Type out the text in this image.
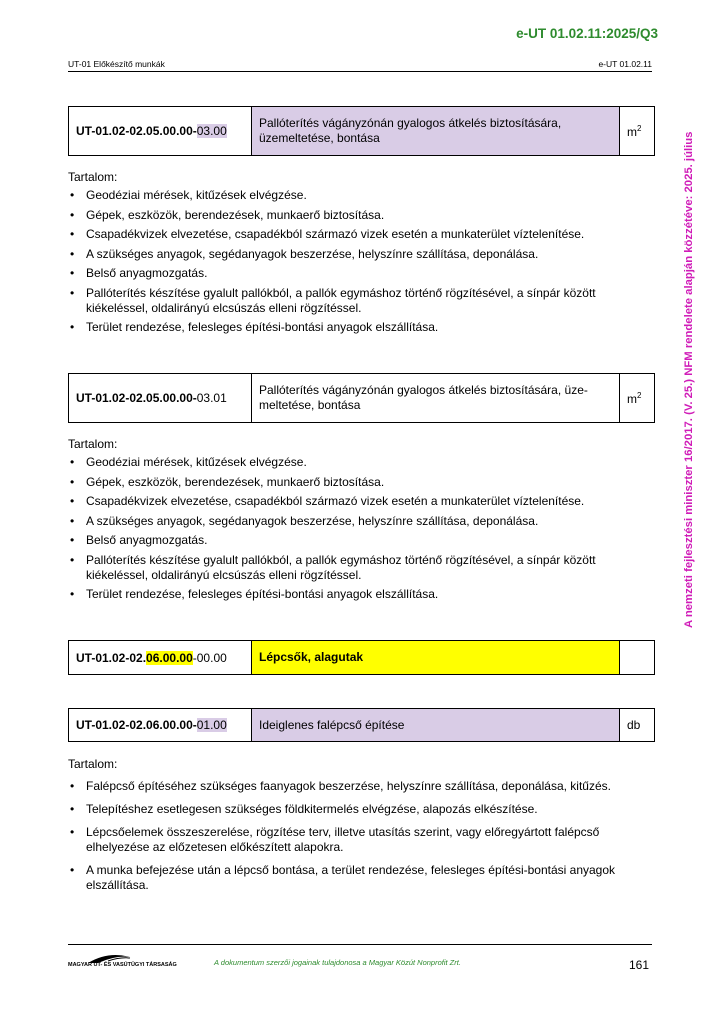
e-UT 01.02.11:2025/Q3
UT-01 Előkészítő munkák	e-UT 01.02.11
A nemzeti fejlesztési miniszter 16/2017. (V. 25.) NFM rendelete alapján közzétéve: 2025. július
UT-01.02-02.05.00.00-03.00	Pallóterítés vágányzónán gyalogos átkelés biztosítására, üzemeltetése, bontása	$m^2$
Tartalom:
• Geodéziai mérések, kitűzések elvégzése.
• Gépek, eszközök, berendezések, munkaerő biztosítása.
• Csapadékvizek elvezetése, csapadékból származó vizek esetén a munkaterület víztelenítése.
• A szükséges anyagok, segédanyagok beszerzése, helyszínre szállítása, deponálása.
• Belső anyagmozgatás.
• Pallóterítés készítése gyalult pallókból, a pallók egymáshoz történő rögzítésével, a sínpár között kiékeléssel, oldalirányú elcsúszás elleni rögzítéssel.
• Terület rendezése, felesleges építési-bontási anyagok elszállítása.
UT-01.02-02.05.00.00-03.01	Pallóterítés vágányzónán gyalogos átkelés biztosítására, üze-meltetése, bontása	$m^2$
Tartalom:
• Geodéziai mérések, kitűzések elvégzése.
• Gépek, eszközök, berendezések, munkaerő biztosítása.
• Csapadékvizek elvezetése, csapadékból származó vizek esetén a munkaterület víztelenítése.
• A szükséges anyagok, segédanyagok beszerzése, helyszínre szállítása, deponálása.
• Belső anyagmozgatás.
• Pallóterítés készítése gyalult pallókból, a pallók egymáshoz történő rögzítésével, a sínpár között kiékeléssel, oldalirányú elcsúszás elleni rögzítéssel.
• Terület rendezése, felesleges építési-bontási anyagok elszállítása.
UT-01.02-02.06.00.00-00.00	Lépcsők, alagutak	
UT-01.02-02.06.00.00-01.00	Ideiglenes falépcső építése	db
Tartalom:
• Falépcső építéséhez szükséges faanyagok beszerzése, helyszínre szállítása, deponálása, kitűzés.
• Telepítéshez esetlegesen szükséges földkitermelés elvégzése, alapozás elkészítése.
• Lépcsőelemek összeszerelése, rögzítése terv, illetve utasítás szerint, vagy előregyártott falépcső elhelyezése az előzetesen előkészített alapokra.
• A munka befejezése után a lépcső bontása, a terület rendezése, felesleges építési-bontási anyagok elszállítása.
MAGYAR ÚT- ÉS VASÚTÜGYI TÁRSASÁG	A dokumentum szerzői jogainak tulajdonosa a Magyar Közút Nonprofit Zrt.	161
